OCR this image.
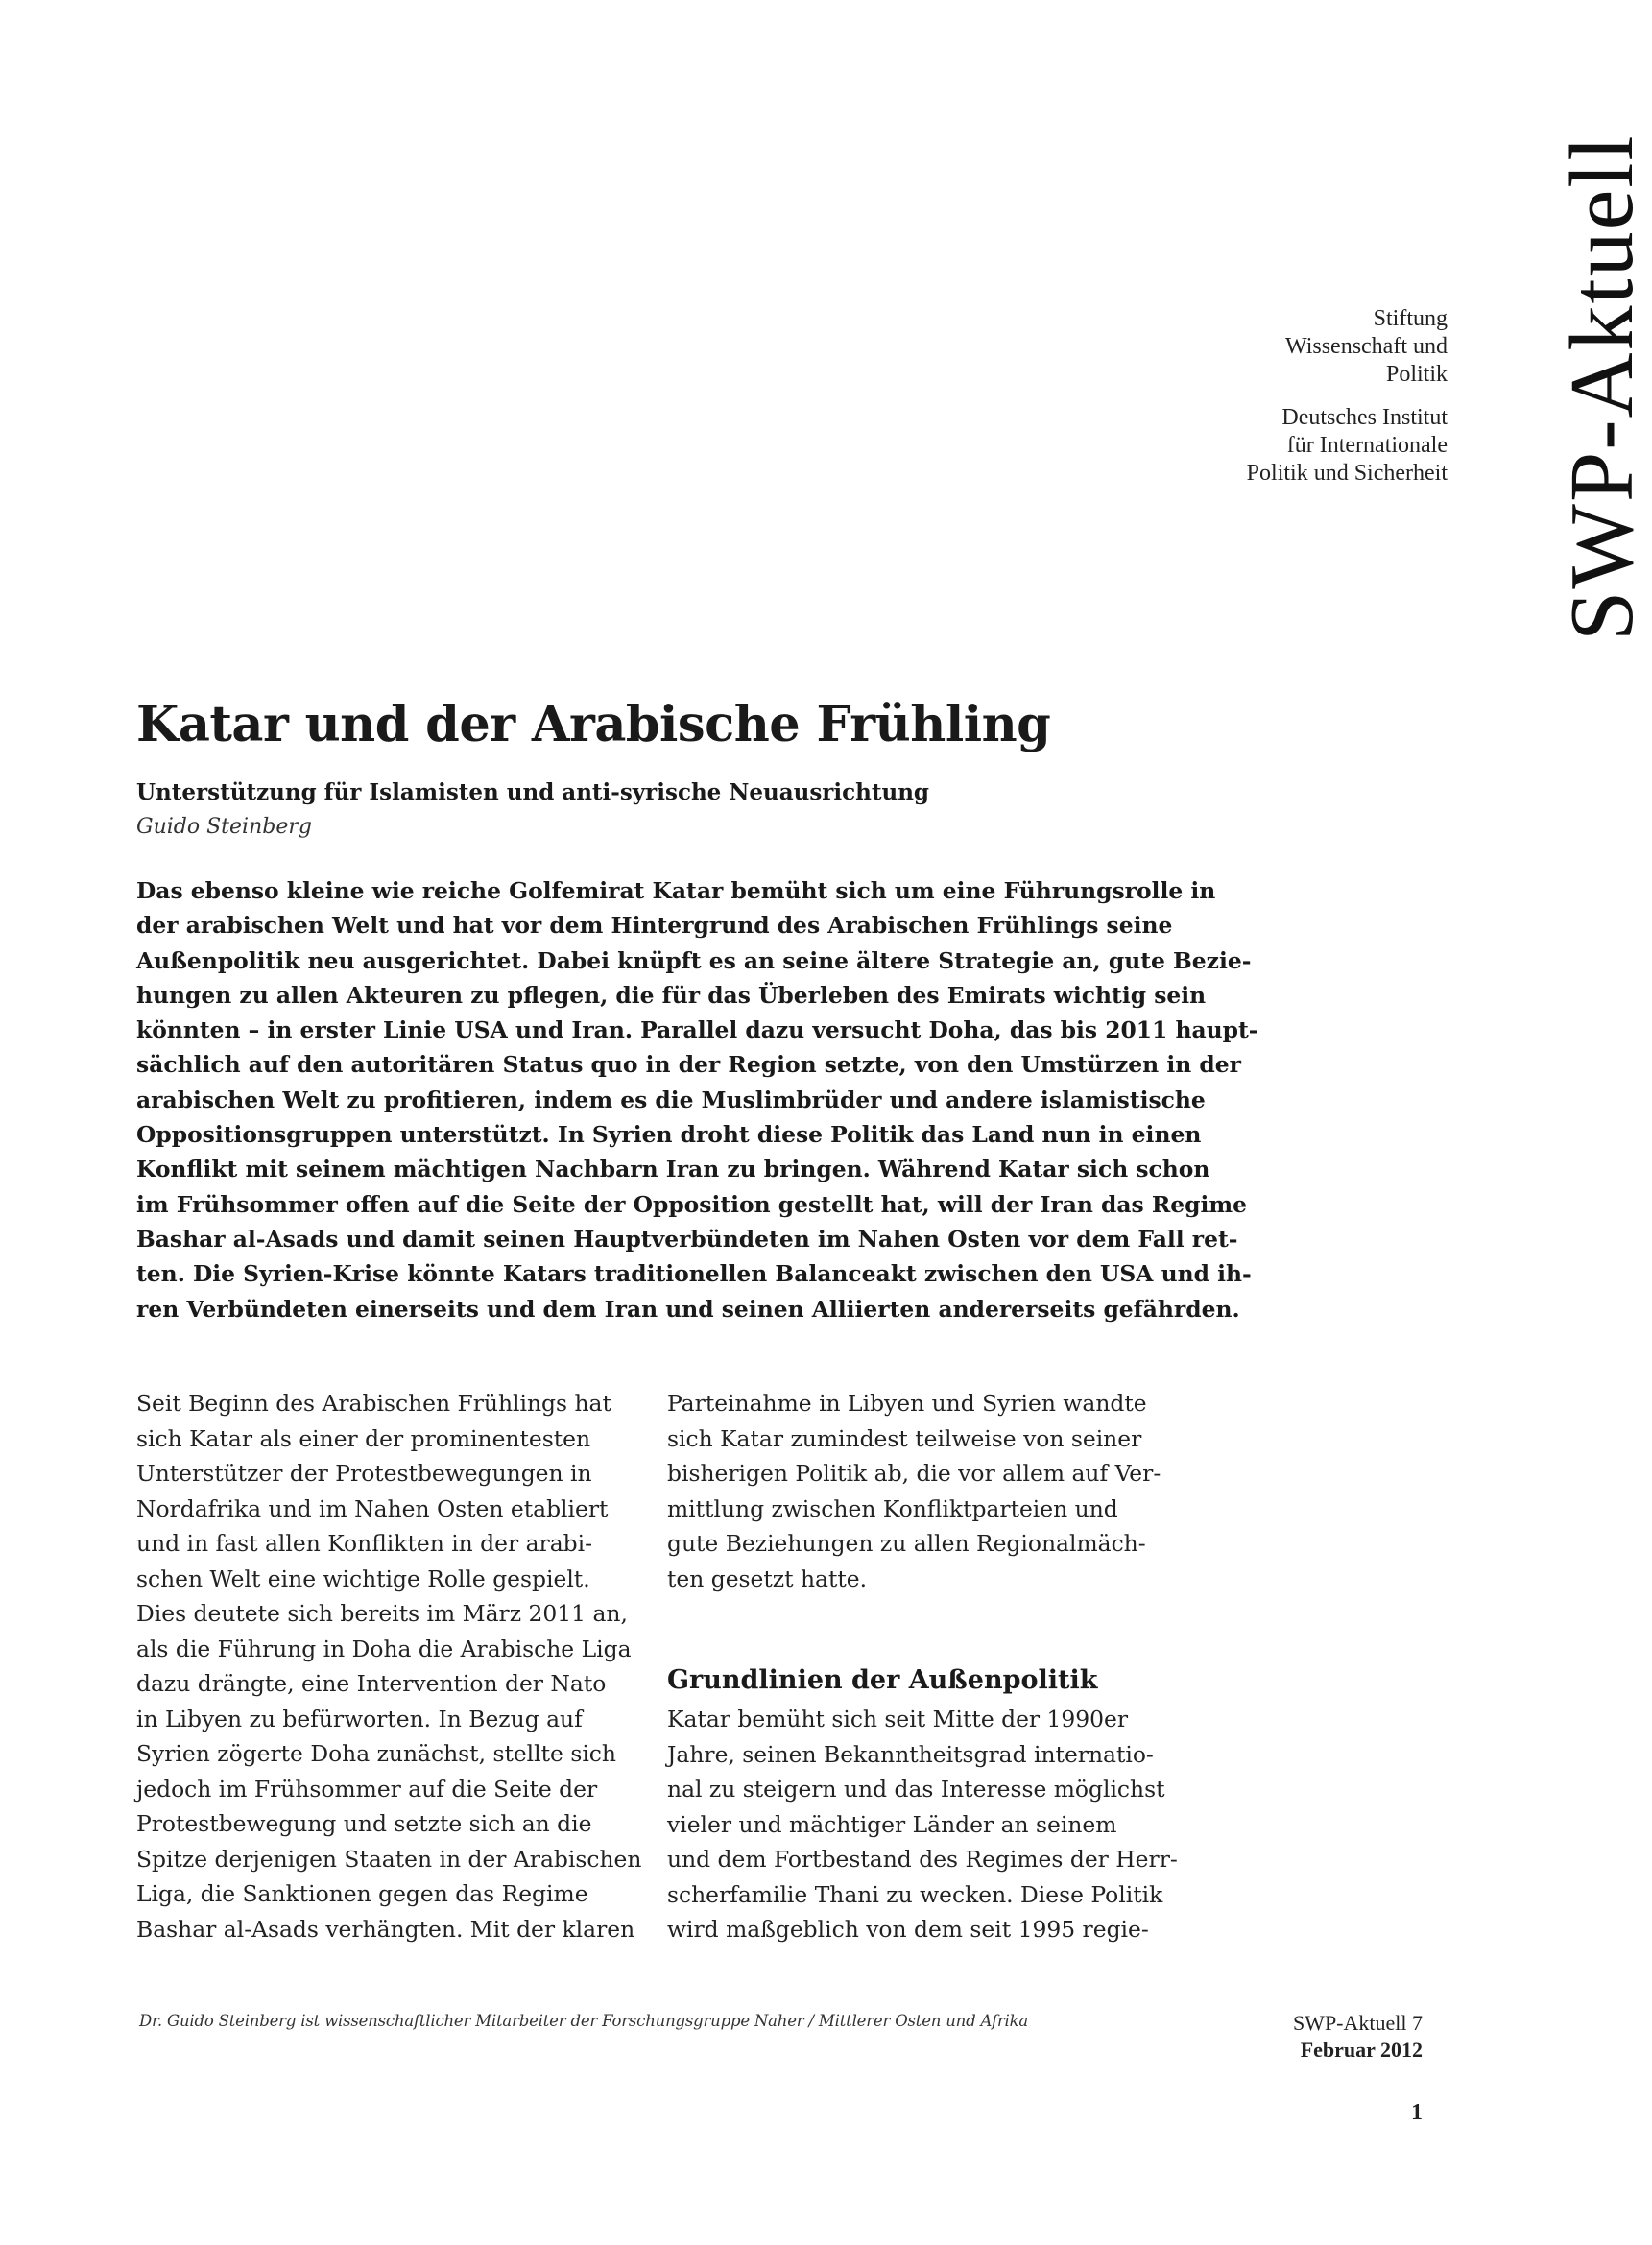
SWP-Aktuell

Stiftung
Wissenschaft und
Politik

Deutsches Institut
für Internationale
Politik und Sicherheit

Katar und der Arabische Frühling
Unterstützung für Islamisten und anti-syrische Neuausrichtung
Guido Steinberg
Das ebenso kleine wie reiche Golfemirat Katar bemüht sich um eine Führungsrolle in
der arabischen Welt und hat vor dem Hintergrund des Arabischen Frühlings seine
Außenpolitik neu ausgerichtet. Dabei knüpft es an seine ältere Strategie an, gute Bezie-
hungen zu allen Akteuren zu pflegen, die für das Überleben des Emirats wichtig sein
könnten – in erster Linie USA und Iran. Parallel dazu versucht Doha, das bis 2011 haupt-
sächlich auf den autoritären Status quo in der Region setzte, von den Umstürzen in der
arabischen Welt zu profitieren, indem es die Muslimbrüder und andere islamistische
Oppositionsgruppen unterstützt. In Syrien droht diese Politik das Land nun in einen
Konflikt mit seinem mächtigen Nachbarn Iran zu bringen. Während Katar sich schon
im Frühsommer offen auf die Seite der Opposition gestellt hat, will der Iran das Regime
Bashar al-Asads und damit seinen Hauptverbündeten im Nahen Osten vor dem Fall ret-
ten. Die Syrien-Krise könnte Katars traditionellen Balanceakt zwischen den USA und ih-
ren Verbündeten einerseits und dem Iran und seinen Alliierten andererseits gefährden.
Seit Beginn des Arabischen Frühlings hat
sich Katar als einer der prominentesten
Unterstützer der Protestbewegungen in
Nordafrika und im Nahen Osten etabliert
und in fast allen Konflikten in der arabi-
schen Welt eine wichtige Rolle gespielt.
Dies deutete sich bereits im März 2011 an,
als die Führung in Doha die Arabische Liga
dazu drängte, eine Intervention der Nato
in Libyen zu befürworten. In Bezug auf
Syrien zögerte Doha zunächst, stellte sich
jedoch im Frühsommer auf die Seite der
Protestbewegung und setzte sich an die
Spitze derjenigen Staaten in der Arabischen
Liga, die Sanktionen gegen das Regime
Bashar al-Asads verhängten. Mit der klaren
Parteinahme in Libyen und Syrien wandte
sich Katar zumindest teilweise von seiner
bisherigen Politik ab, die vor allem auf Ver-
mittlung zwischen Konfliktparteien und
gute Beziehungen zu allen Regionalmäch-
ten gesetzt hatte.
Grundlinien der Außenpolitik
Katar bemüht sich seit Mitte der 1990er
Jahre, seinen Bekanntheitsgrad internatio-
nal zu steigern und das Interesse möglichst
vieler und mächtiger Länder an seinem
und dem Fortbestand des Regimes der Herr-
scherfamilie Thani zu wecken. Diese Politik
wird maßgeblich von dem seit 1995 regie-
Dr. Guido Steinberg ist wissenschaftlicher Mitarbeiter der Forschungsgruppe Naher / Mittlerer Osten und Afrika	SWP-Aktuell 7
Februar 2012
1
